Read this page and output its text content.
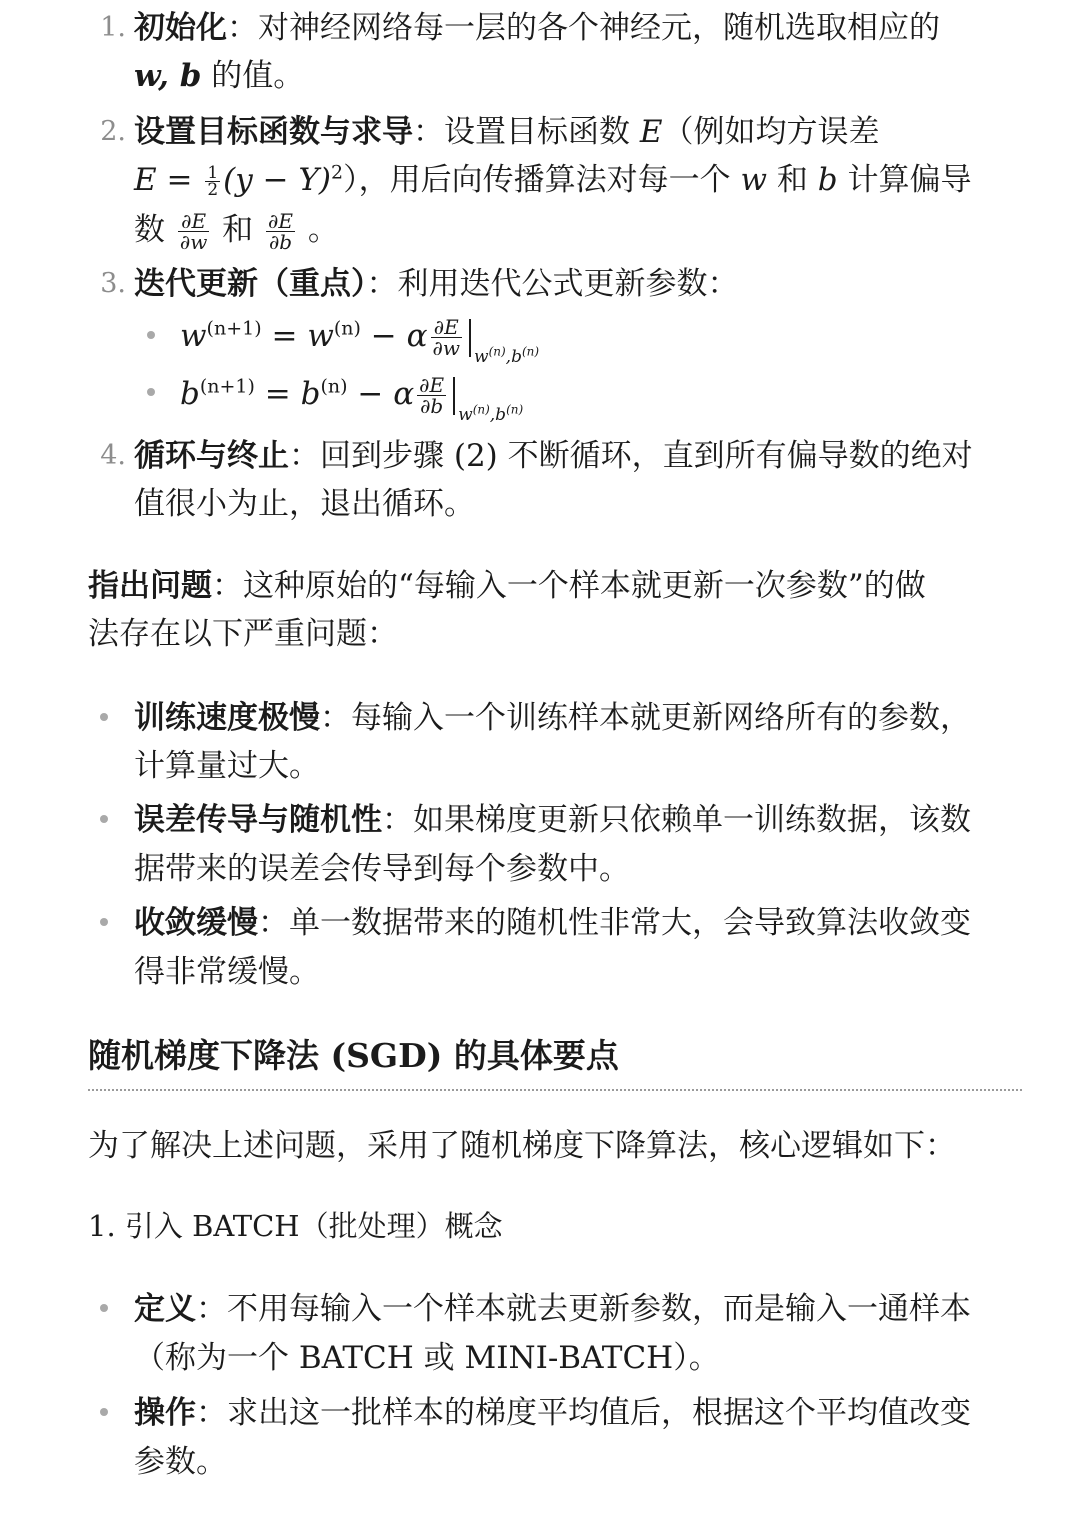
1. 初始化：对神经网络每一层的各个神经元，随机选取相应的
w, b 的值。
2. 设置目标函数与求导：设置目标函数 E（例如均方误差
$E = \frac{1}{2} (y - Y)^2$），用后向传播算法对每一个 w 和 b 计算偏导
数 $\frac{\partial E}{\partial w}$ 和 $\frac{\partial E}{\partial b}$ 。
3. 迭代更新（重点）：利用迭代公式更新参数：
$w^{(n+1)} = w^{(n)} - \alpha \frac{\partial E}{\partial w} _{w^{(n)},b^{(n)}}$
$b^{(n+1)} = b^{(n)} - \alpha \frac{\partial E}{\partial b} _{w^{(n)},b^{(n)}}$
4. 循环与终止：回到步骤 (2) 不断循环，直到所有偏导数的绝对
值很小为止，退出循环。
指出问题：这种原始的“每输入一个样本就更新一次参数”的做
法存在以下严重问题：
训练速度极慢：每输入一个训练样本就更新网络所有的参数，
计算量过大。
误差传导与随机性：如果梯度更新只依赖单一训练数据，该数
据带来的误差会传导到每个参数中。
收敛缓慢：单一数据带来的随机性非常大，会导致算法收敛变
得非常缓慢。
随机梯度下降法 (SGD) 的具体要点
为了解决上述问题，采用了随机梯度下降算法，核心逻辑如下：
1. 引入 BATCH（批处理）概念
定义：不用每输入一个样本就去更新参数，而是输入一通样本
（称为一个 BATCH 或 MINI-BATCH）。
操作：求出这一批样本的梯度平均值后，根据这个平均值改变
参数。
